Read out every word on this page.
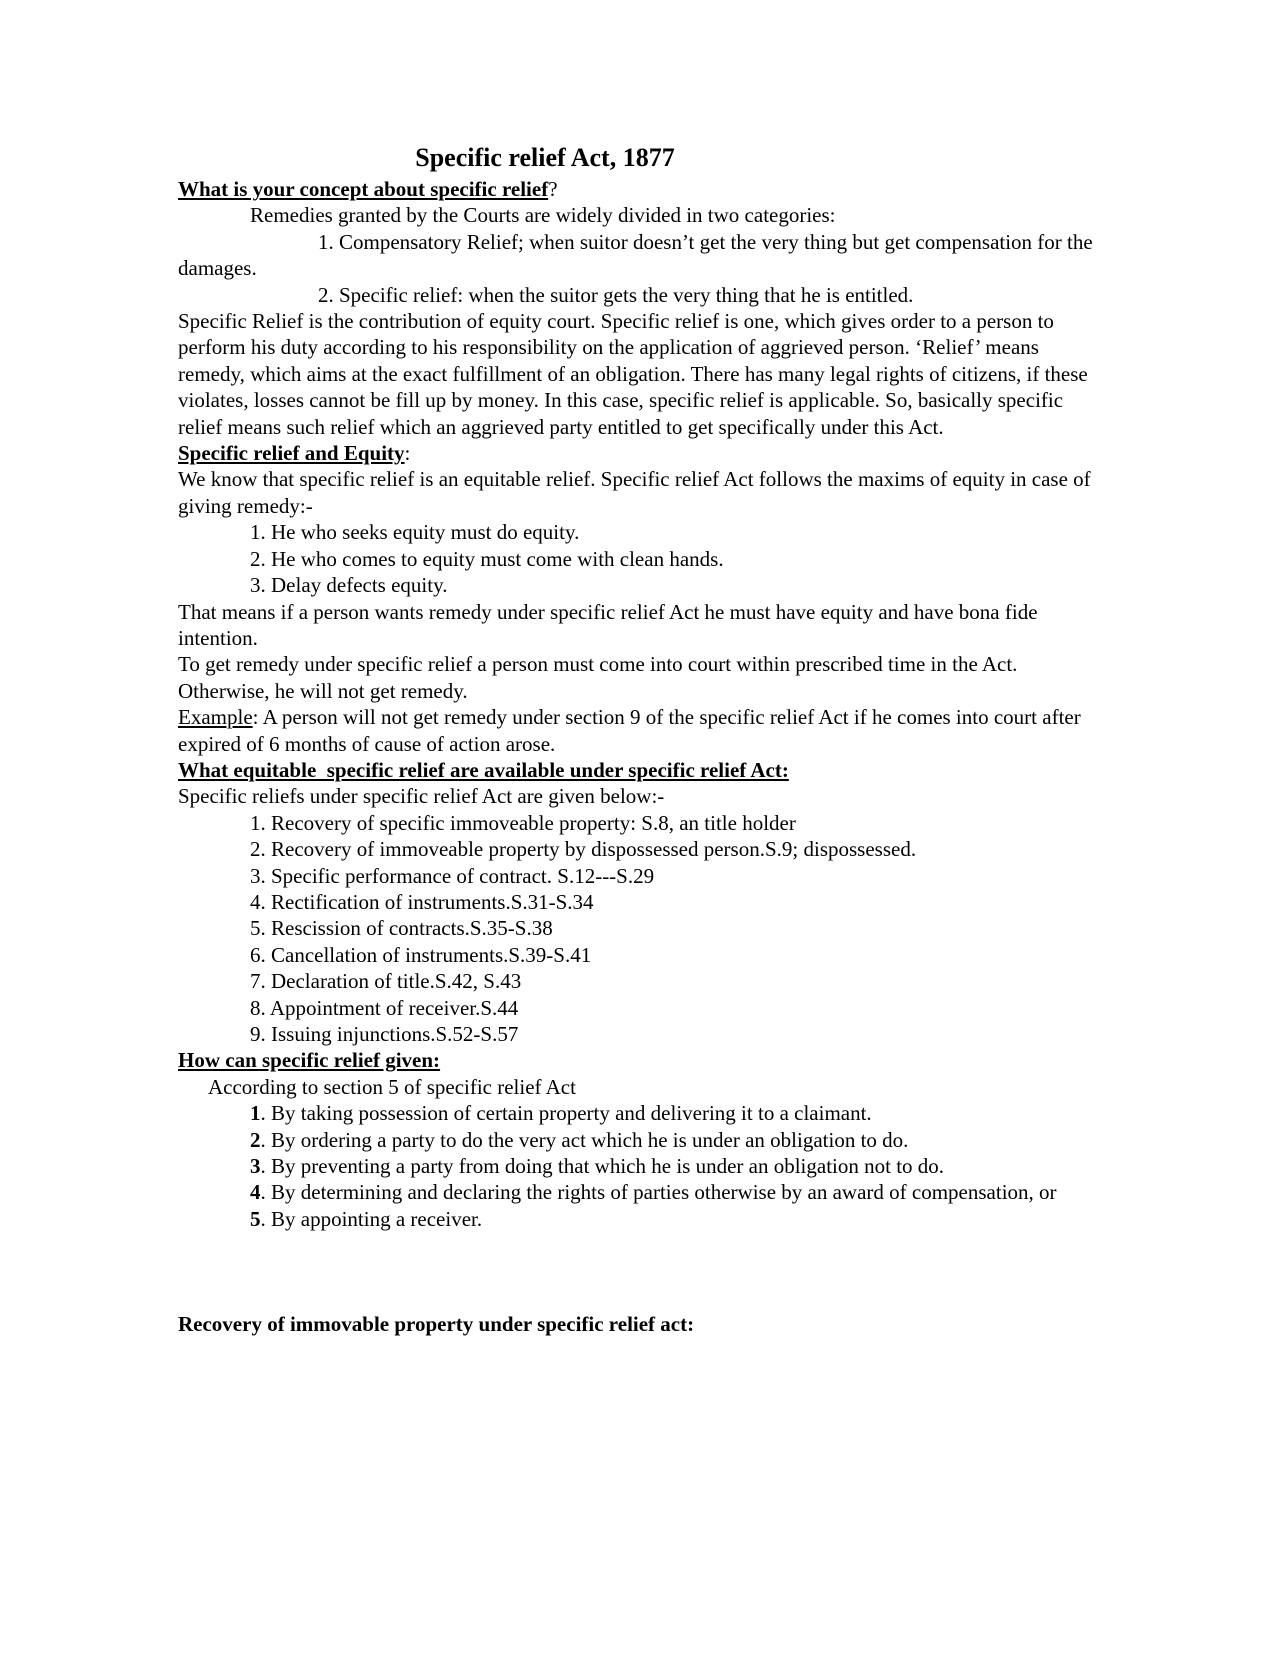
Specific relief Act, 1877
What is your concept about specific relief?

Remedies granted by the Courts are widely divided in two categories:

1. Compensatory Relief; when suitor doesn’t get the very thing but get compensation for the damages.

2. Specific relief: when the suitor gets the very thing that he is entitled.

Specific Relief is the contribution of equity court. Specific relief is one, which gives order to a person to perform his duty according to his responsibility on the application of aggrieved person. ‘Relief’ means remedy, which aims at the exact fulfillment of an obligation. There has many legal rights of citizens, if these violates, losses cannot be fill up by money. In this case, specific relief is applicable. So, basically specific relief means such relief which an aggrieved party entitled to get specifically under this Act.

Specific relief and Equity:

We know that specific relief is an equitable relief. Specific relief Act follows the maxims of equity in case of giving remedy:-

1. He who seeks equity must do equity.
2. He who comes to equity must come with clean hands.
3. Delay defects equity.

That means if a person wants remedy under specific relief Act he must have equity and have bona fide intention.

To get remedy under specific relief a person must come into court within prescribed time in the Act. Otherwise, he will not get remedy.

Example: A person will not get remedy under section 9 of the specific relief Act if he comes into court after expired of 6 months of cause of action arose.

What equitable  specific relief are available under specific relief Act:

Specific reliefs under specific relief Act are given below:-

1. Recovery of specific immoveable property: S.8, an title holder
2. Recovery of immoveable property by dispossessed person.S.9; dispossessed.
3. Specific performance of contract. S.12---S.29
4. Rectification of instruments.S.31-S.34
5. Rescission of contracts.S.35-S.38
6. Cancellation of instruments.S.39-S.41
7. Declaration of title.S.42, S.43
8. Appointment of receiver.S.44
9. Issuing injunctions.S.52-S.57
How can specific relief given:

According to section 5 of specific relief Act

1. By taking possession of certain property and delivering it to a claimant.

2. By ordering a party to do the very act which he is under an obligation to do.

3. By preventing a party from doing that which he is under an obligation not to do.

4. By determining and declaring the rights of parties otherwise by an award of compensation, or

5. By appointing a receiver.

Recovery of immovable property under specific relief act:
